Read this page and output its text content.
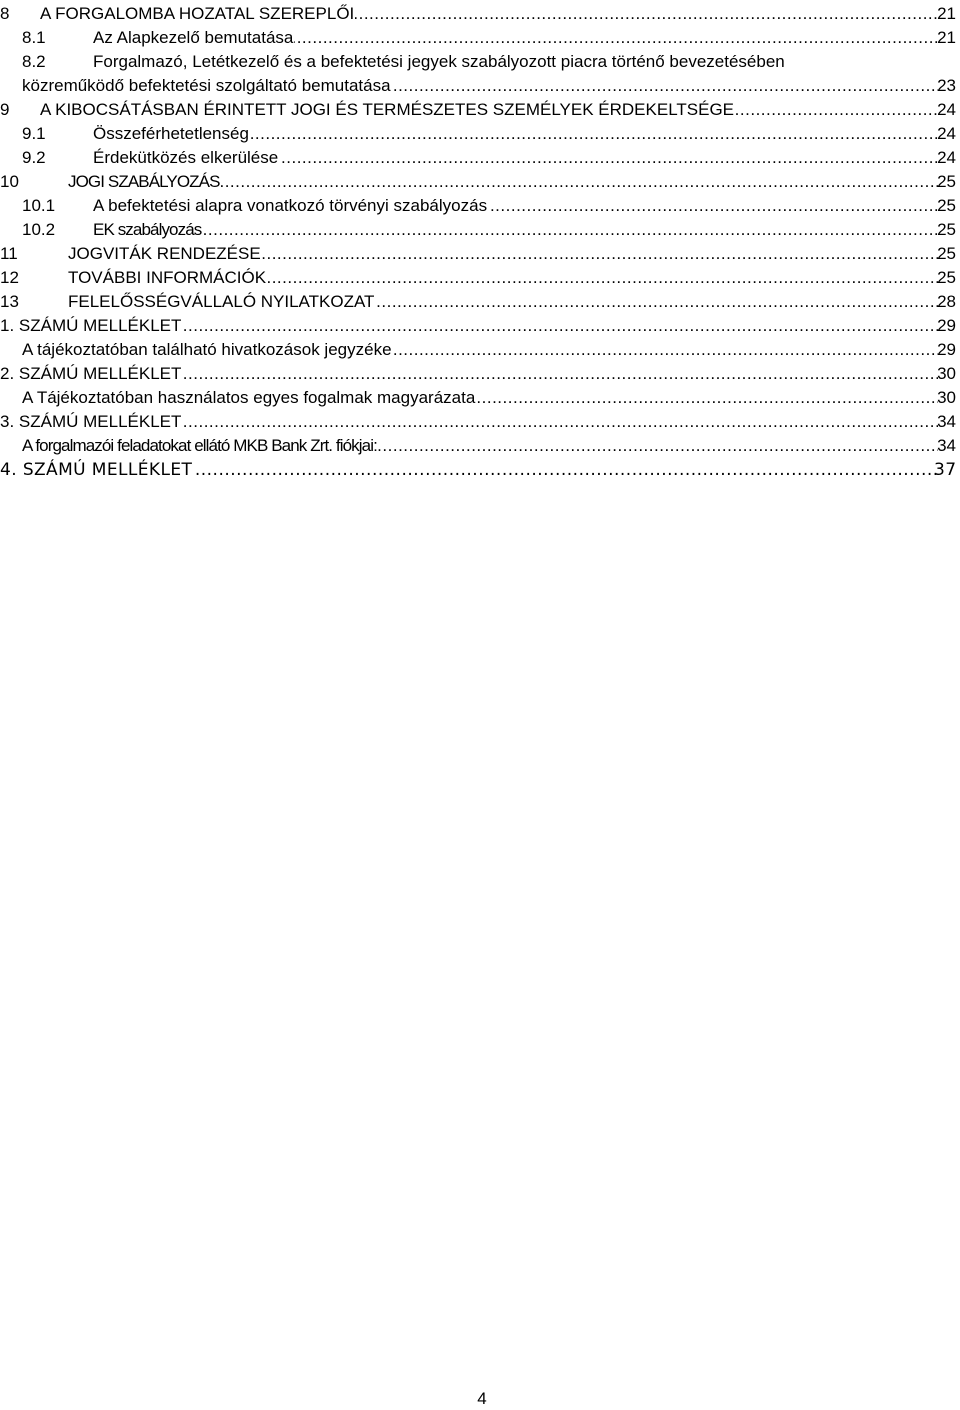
8 A FORGALOMBA HOZATAL SZEREPLŐI .....	21
8.1	Az Alapkezelő bemutatása .....	21
8.2	Forgalmazó, Letétkezelő és a befektetési jegyek szabályozott piacra történő bevezetésében
közreműködő befektetési szolgáltató bemutatása .....	23
9 A KIBOCSÁTÁSBAN ÉRINTETT JOGI ÉS TERMÉSZETES SZEMÉLYEK ÉRDEKELTSÉGE .....	24
9.1	Összeférhetetlenség .....	24
9.2	Érdekütközés elkerülése .....	24
10	JOGI SZABÁLYOZÁS .....	25
10.1 A befektetési alapra vonatkozó törvényi szabályozás .....	25
10.2 EK szabályozás .....	25
11	JOGVITÁK RENDEZÉSE .....	25
12	TOVÁBBI INFORMÁCIÓK .....	25
13	FELELŐSSÉGVÁLLALÓ NYILATKOZAT .....	28
1. SZÁMÚ MELLÉKLET .....	29
A tájékoztatóban található hivatkozások jegyzéke .....	29
2. SZÁMÚ MELLÉKLET .....	30
A Tájékoztatóban használatos egyes fogalmak magyarázata .....	30
3. SZÁMÚ MELLÉKLET .....	34
A forgalmazói feladatokat ellátó MKB Bank Zrt. fiókjai: .....	34
4. SZÁMÚ MELLÉKLET .....	37
4
